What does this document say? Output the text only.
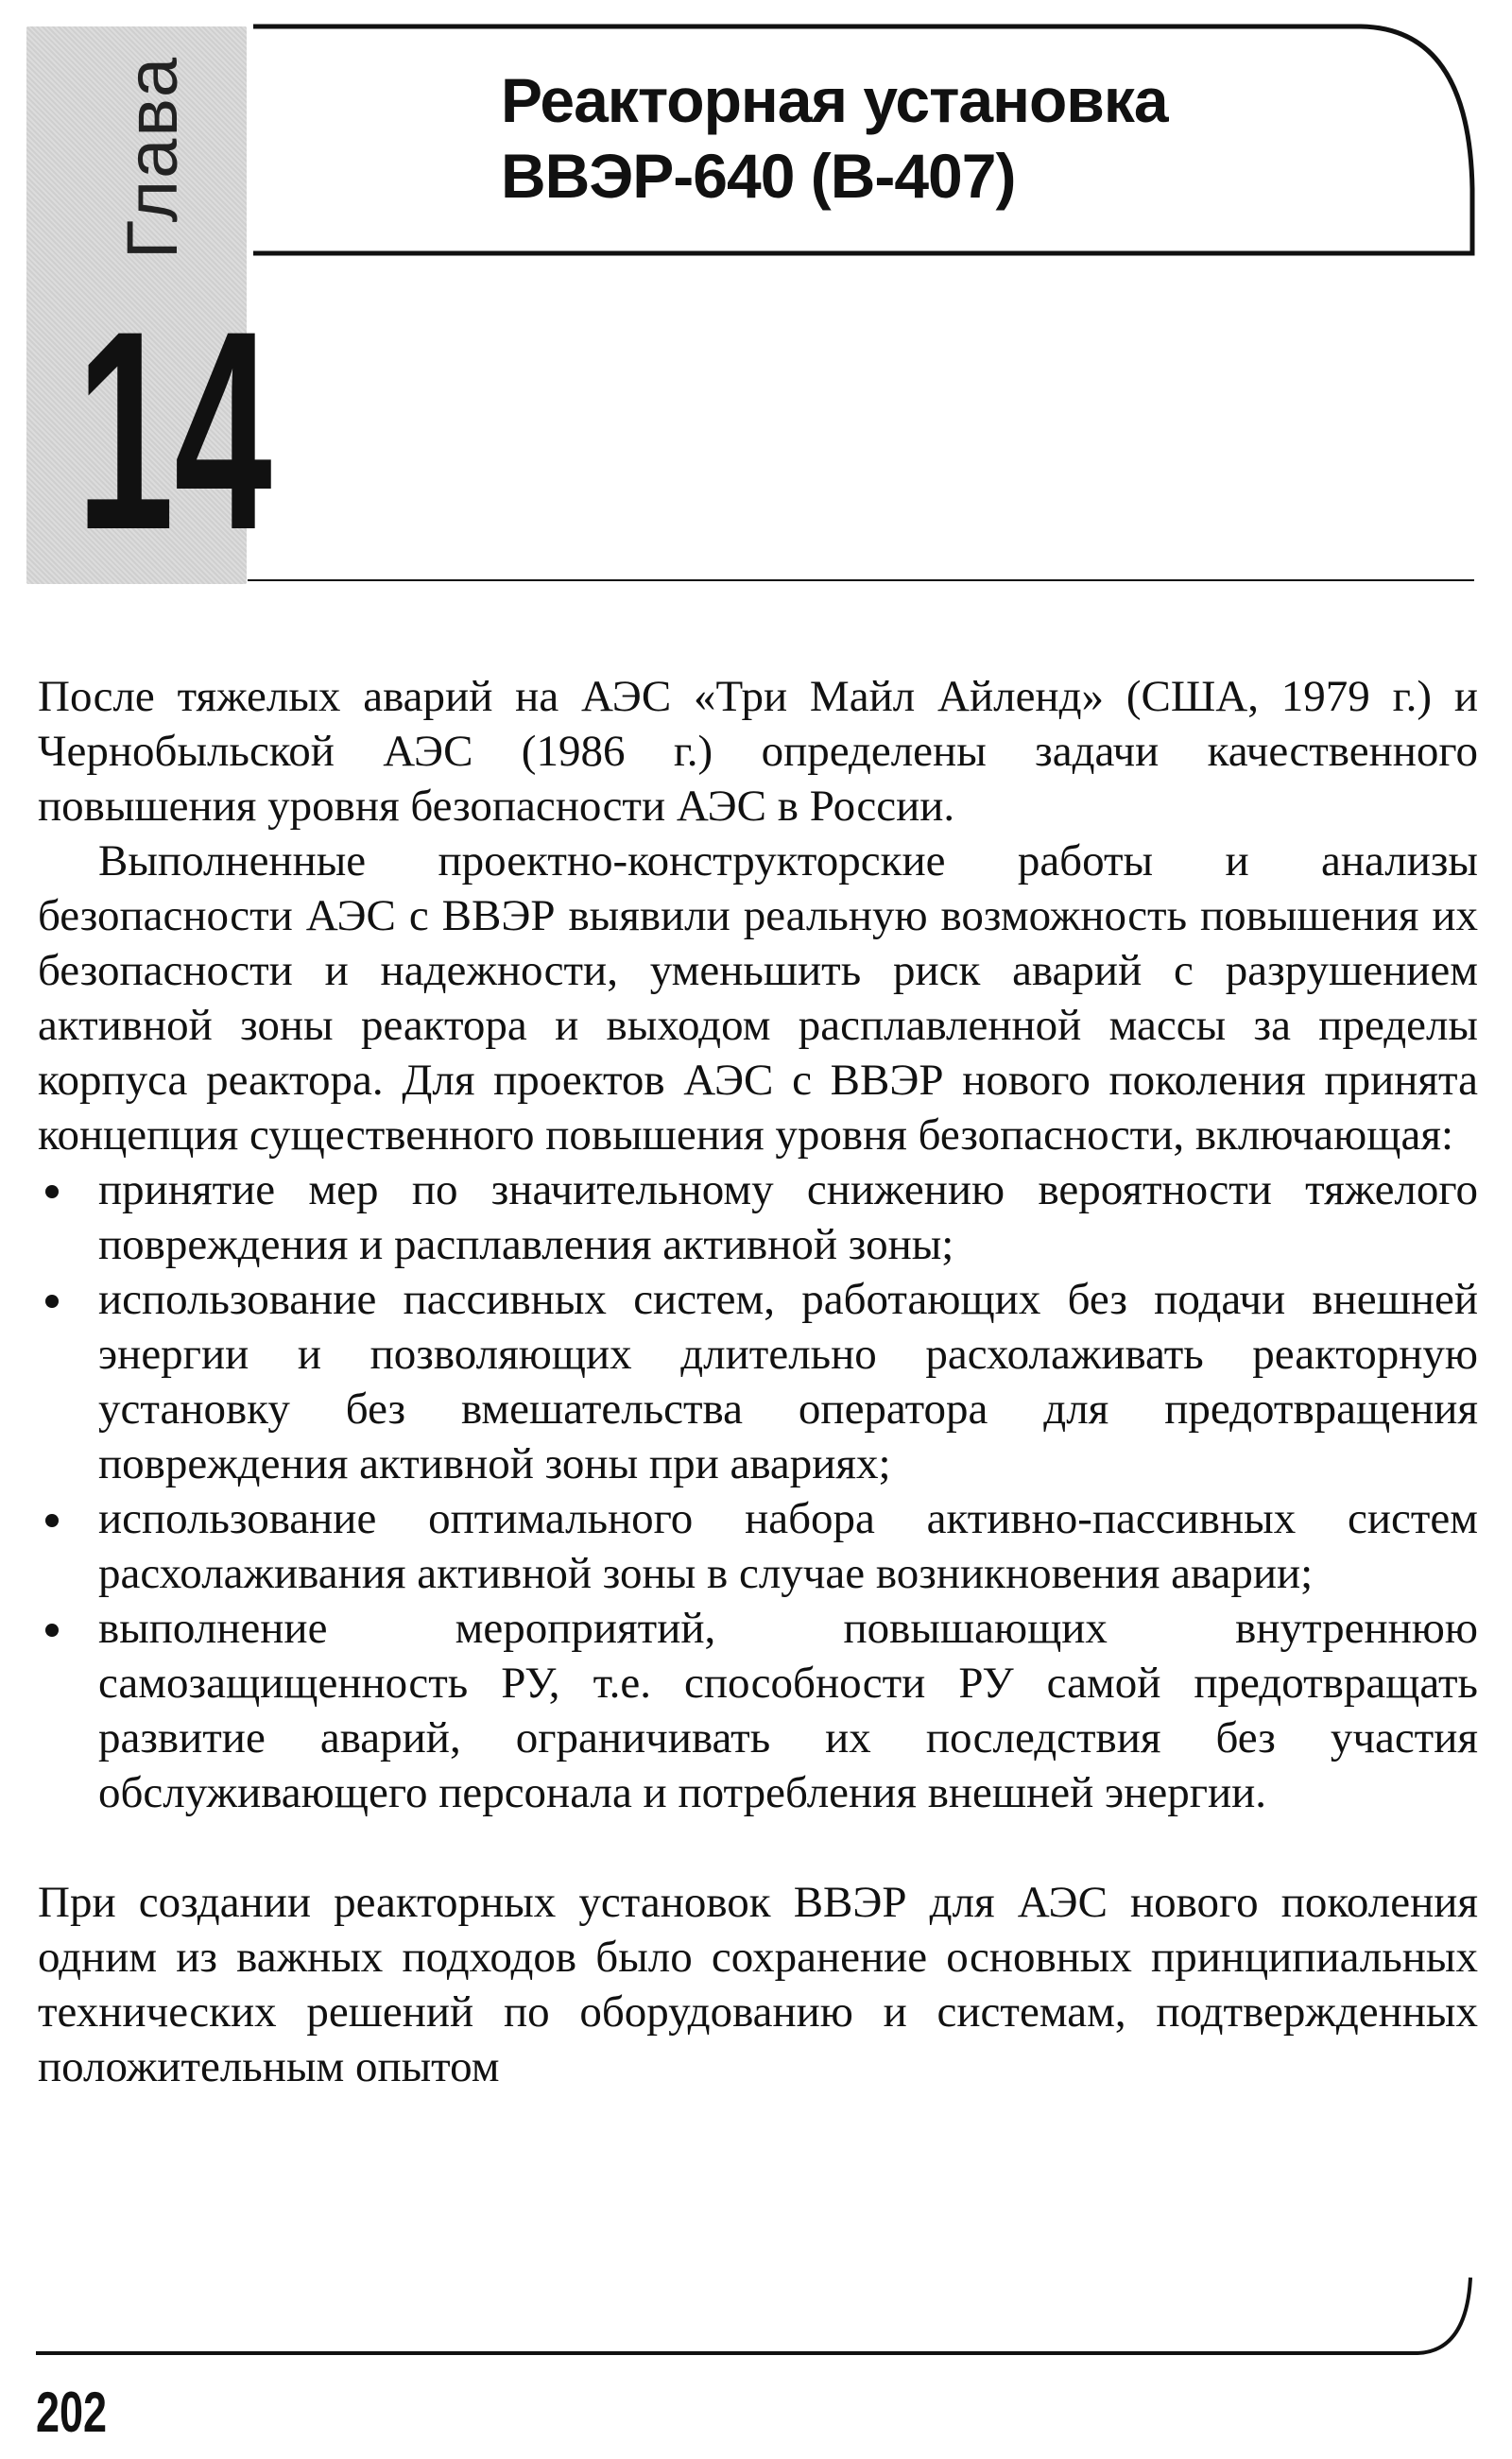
Глава
14
Реакторная установка
ВВЭР-640 (В-407)

После тяжелых аварий на АЭС «Три Майл Айленд» (США, 1979 г.) и Чернобыльской АЭС (1986 г.) определены задачи качественного повышения уровня безопасности АЭС в России.

Выполненные проектно-конструкторские работы и анализы безопасности АЭС с ВВЭР выявили реальную возможность повышения их безопасности и надежности, уменьшить риск аварий с разрушением активной зоны реактора и выходом расплавленной массы за пределы корпуса реактора. Для проектов АЭС с ВВЭР нового поколения принята концепция существенного повышения уровня безопасности, включающая:

принятие мер по значительному снижению вероятности тяжелого повреждения и расплавления активной зоны;
использование пассивных систем, работающих без подачи внешней энергии и позволяющих длительно расхолаживать реакторную установку без вмешательства оператора для предотвращения повреждения активной зоны при авариях;
использование оптимального набора активно-пассивных систем расхолаживания активной зоны в случае возникновения аварии;
выполнение мероприятий, повышающих внутреннюю самозащищенность РУ, т.е. способности РУ самой предотвращать развитие аварий, ограничивать их последствия без участия обслуживающего персонала и потребления внешней энергии.

При создании реакторных установок ВВЭР для АЭС нового поколения одним из важных подходов было сохранение основных принципиальных технических решений по оборудованию и системам, подтвержденных положительным опытом

202
